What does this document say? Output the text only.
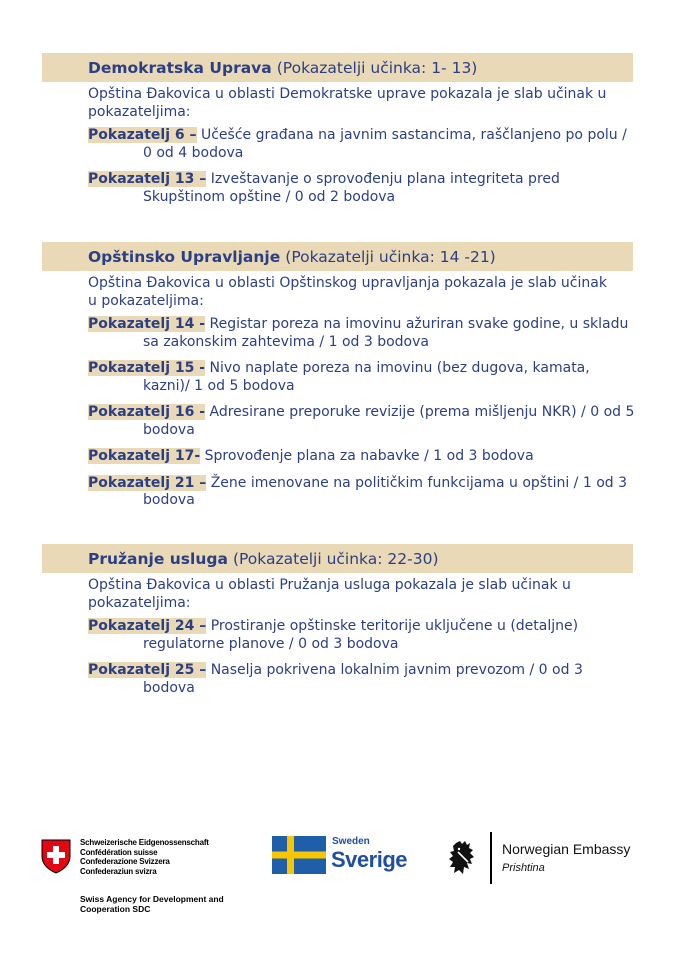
Demokratska Uprava (Pokazatelji učinka: 1- 13)
Opština Đakovica u oblasti Demokratske uprave pokazala je slab učinak u pokazateljima:
Pokazatelj 6 – Učešće građana na javnim sastancima, raščlanjeno po polu / 0 od 4 bodova
Pokazatelj 13 – Izveštavanje o sprovođenju plana integriteta pred Skupštinom opštine / 0 od 2 bodova
Opštinsko Upravljanje (Pokazatelji učinka: 14 -21)
Opština Đakovica u oblasti Opštinskog upravljanja pokazala je slab učinak u pokazateljima:
Pokazatelj 14 - Registar poreza na imovinu ažuriran svake godine, u skladu sa zakonskim zahtevima / 1 od 3 bodova
Pokazatelj 15 - Nivo naplate poreza na imovinu (bez dugova, kamata, kazni)/ 1 od 5 bodova
Pokazatelj 16 - Adresirane preporuke revizije (prema mišljenju NKR) / 0 od 5 bodova
Pokazatelj 17- Sprovođenje plana za nabavke / 1 od 3 bodova
Pokazatelj 21 – Žene imenovane na političkim funkcijama u opštini / 1 od 3 bodova
Pružanje usluga (Pokazatelji učinka: 22-30)
Opština Đakovica u oblasti Pružanja usluga pokazala je slab učinak u pokazateljima:
Pokazatelj 24 – Prostiranje opštinske teritorije uključene u (detaljne) regulatorne planove / 0 od 3 bodova
Pokazatelj 25 – Naselja pokrivena lokalnim javnim prevozom / 0 od 3 bodova
Schweizerische Eidgenossenschaft
Confédération suisse
Confederazione Svizzera
Confederaziun svizra
Swiss Agency for Development and Cooperation SDC
Sweden
Sverige	Norwegian Embassy
Prishtina
